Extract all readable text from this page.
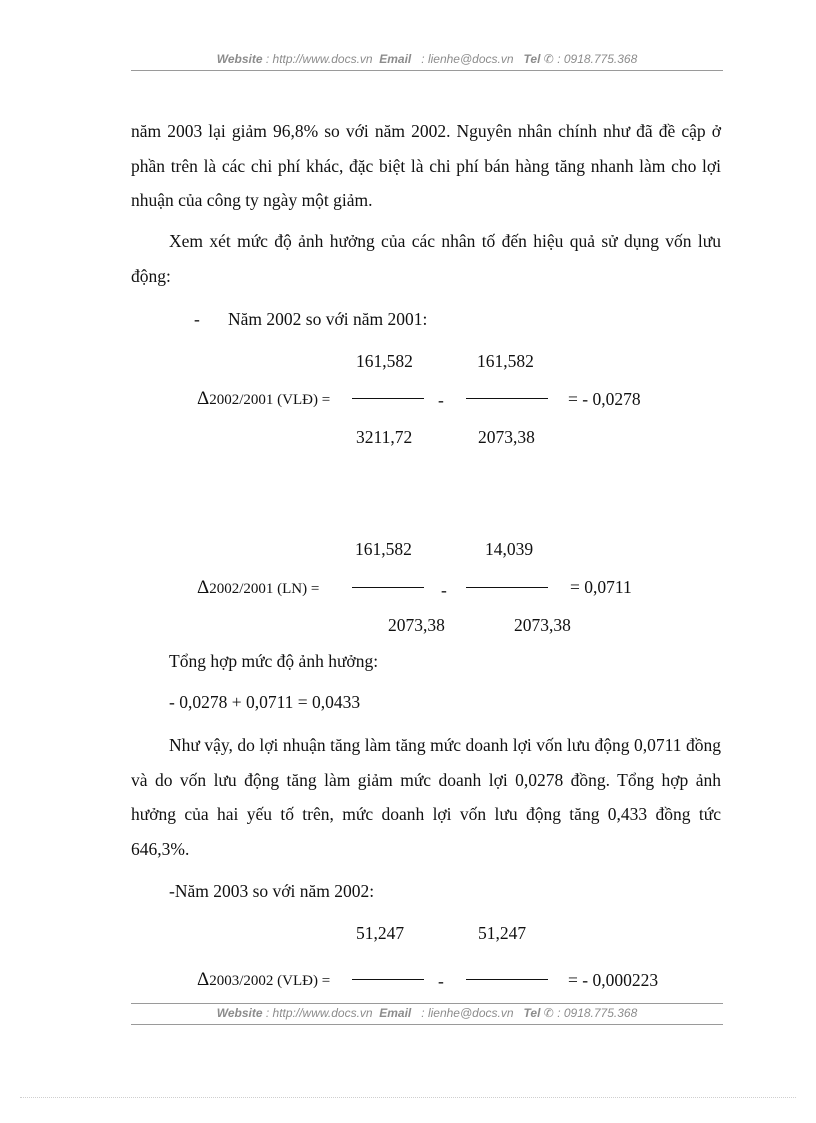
Website : http://www.docs.vn Email : lienhe@docs.vn Tel ✆ : 0918.775.368

năm 2003 lại giảm 96,8% so với năm 2002. Nguyên nhân chính như đã đề cập ở phần trên là các chi phí khác, đặc biệt là chi phí bán hàng tăng nhanh làm cho lợi nhuận của công ty ngày một giảm.

Xem xét mức độ ảnh hưởng của các nhân tố đến hiệu quả sử dụng vốn lưu động:

- Năm 2002 so với năm 2001:
161,582	161,582
Δ2002/2001 (VLĐ) =	-	= - 0,0278
3211,72	2073,38
161,582	14,039
Δ2002/2001 (LN) =	-	= 0,0711
2073,38	2073,38
Tổng hợp mức độ ảnh hưởng:
- 0,0278 + 0,0711 = 0,0433

Như vậy, do lợi nhuận tăng làm tăng mức doanh lợi vốn lưu động 0,0711 đồng và do vốn lưu động tăng làm giảm mức doanh lợi 0,0278 đồng. Tổng hợp ảnh hưởng của hai yếu tố trên, mức doanh lợi vốn lưu động tăng 0,433 đồng tức 646,3%.

-Năm 2003 so với năm 2002:
51,247	51,247
Δ2003/2002 (VLĐ) =	-	= - 0,000223
Website : http://www.docs.vn Email : lienhe@docs.vn Tel ✆ : 0918.775.368
